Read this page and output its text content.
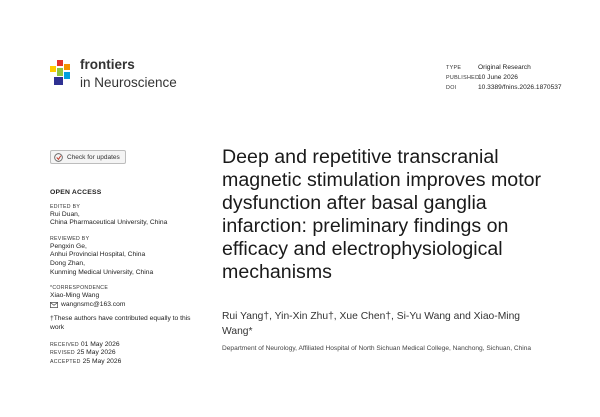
frontiers
in Neuroscience
TYPE	Original Research
PUBLISHED10 June 2026
DOI	10.3389/fnins.2026.1870537
Check for updates
OPEN ACCESS
EDITED BY
Rui Duan,
China Pharmaceutical University, China
REVIEWED BY
Pengxin Ge,
Anhui Provincial Hospital, China
Dong Zhan,
Kunming Medical University, China
*CORRESPONDENCE
Xiao-Ming Wang
wangnsmc@163.com
†These authors have contributed equally to this work
RECEIVED 01 May 2026
REVISED 25 May 2026
ACCEPTED 25 May 2026
Deep and repetitive transcranial magnetic stimulation improves motor dysfunction after basal ganglia infarction: preliminary findings on efficacy and electrophysiological mechanisms
Rui Yang†, Yin-Xin Zhu†, Xue Chen†, Si-Yu Wang and Xiao-Ming Wang*
Department of Neurology, Affiliated Hospital of North Sichuan Medical College, Nanchong, Sichuan, China
